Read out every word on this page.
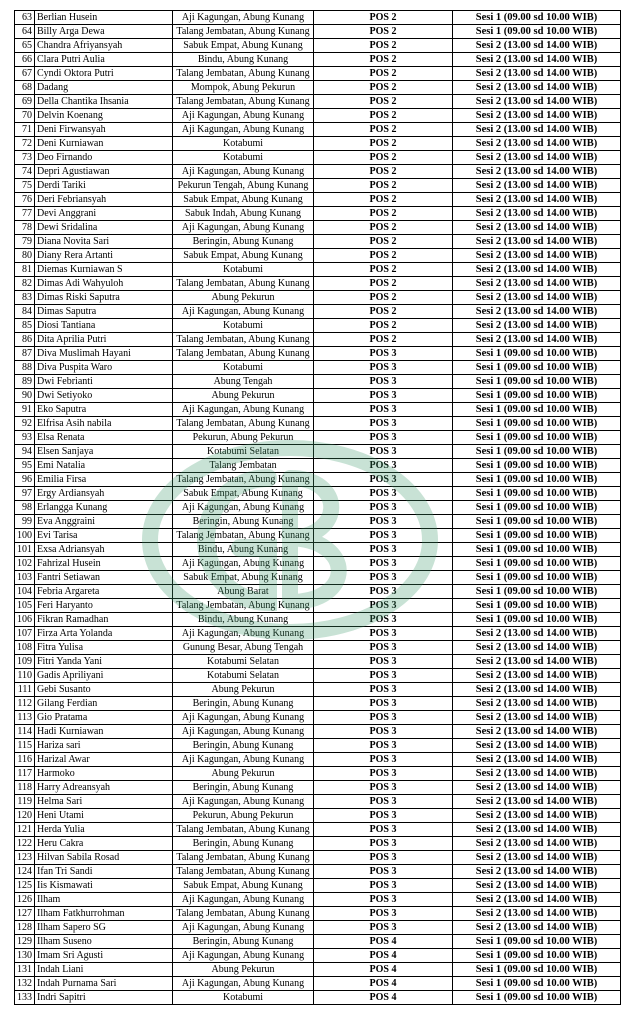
63	Berlian Husein	Aji Kagungan, Abung Kunang	POS 2	Sesi 1 (09.00 sd 10.00 WIB)
64	Billy Arga Dewa	Talang Jembatan, Abung Kunang	POS 2	Sesi 1 (09.00 sd 10.00 WIB)
65	Chandra Afriyansyah	Sabuk Empat, Abung Kunang	POS 2	Sesi 2 (13.00 sd 14.00 WIB)
66	Clara Putri Aulia	Bindu, Abung Kunang	POS 2	Sesi 2 (13.00 sd 14.00 WIB)
67	Cyndi Oktora Putri	Talang Jembatan, Abung Kunang	POS 2	Sesi 2 (13.00 sd 14.00 WIB)
68	Dadang	Mompok, Abung Pekurun	POS 2	Sesi 2 (13.00 sd 14.00 WIB)
69	Della Chantika Ihsania	Talang Jembatan, Abung Kunang	POS 2	Sesi 2 (13.00 sd 14.00 WIB)
70	Delvin Koenang	Aji Kagungan, Abung Kunang	POS 2	Sesi 2 (13.00 sd 14.00 WIB)
71	Deni Firwansyah	Aji Kagungan, Abung Kunang	POS 2	Sesi 2 (13.00 sd 14.00 WIB)
72	Deni Kurniawan	Kotabumi	POS 2	Sesi 2 (13.00 sd 14.00 WIB)
73	Deo Firnando	Kotabumi	POS 2	Sesi 2 (13.00 sd 14.00 WIB)
74	Depri Agustiawan	Aji Kagungan, Abung Kunang	POS 2	Sesi 2 (13.00 sd 14.00 WIB)
75	Derdi Tariki	Pekurun Tengah, Abung Kunang	POS 2	Sesi 2 (13.00 sd 14.00 WIB)
76	Deri Febriansyah	Sabuk Empat, Abung Kunang	POS 2	Sesi 2 (13.00 sd 14.00 WIB)
77	Devi Anggrani	Sabuk Indah, Abung Kunang	POS 2	Sesi 2 (13.00 sd 14.00 WIB)
78	Dewi Sridalina	Aji Kagungan, Abung Kunang	POS 2	Sesi 2 (13.00 sd 14.00 WIB)
79	Diana Novita Sari	Beringin, Abung Kunang	POS 2	Sesi 2 (13.00 sd 14.00 WIB)
80	Diany Rera Artanti	Sabuk Empat, Abung Kunang	POS 2	Sesi 2 (13.00 sd 14.00 WIB)
81	Diemas Kurniawan S	Kotabumi	POS 2	Sesi 2 (13.00 sd 14.00 WIB)
82	Dimas Adi Wahyuloh	Talang Jembatan, Abung Kunang	POS 2	Sesi 2 (13.00 sd 14.00 WIB)
83	Dimas Riski Saputra	Abung Pekurun	POS 2	Sesi 2 (13.00 sd 14.00 WIB)
84	Dimas Saputra	Aji Kagungan, Abung Kunang	POS 2	Sesi 2 (13.00 sd 14.00 WIB)
85	Diosi Tantiana	Kotabumi	POS 2	Sesi 2 (13.00 sd 14.00 WIB)
86	Dita Aprilia Putri	Talang Jembatan, Abung Kunang	POS 2	Sesi 2 (13.00 sd 14.00 WIB)
87	Diva Muslimah Hayani	Talang Jembatan, Abung Kunang	POS 3	Sesi 1 (09.00 sd 10.00 WIB)
88	Diva Puspita Waro	Kotabumi	POS 3	Sesi 1 (09.00 sd 10.00 WIB)
89	Dwi Febrianti	Abung Tengah	POS 3	Sesi 1 (09.00 sd 10.00 WIB)
90	Dwi Setiyoko	Abung Pekurun	POS 3	Sesi 1 (09.00 sd 10.00 WIB)
91	Eko Saputra	Aji Kagungan, Abung Kunang	POS 3	Sesi 1 (09.00 sd 10.00 WIB)
92	Elfrisa Asih nabila	Talang Jembatan, Abung Kunang	POS 3	Sesi 1 (09.00 sd 10.00 WIB)
93	Elsa Renata	Pekurun, Abung Pekurun	POS 3	Sesi 1 (09.00 sd 10.00 WIB)
94	Elsen Sanjaya	Kotabumi Selatan	POS 3	Sesi 1 (09.00 sd 10.00 WIB)
95	Emi Natalia	Talang Jembatan	POS 3	Sesi 1 (09.00 sd 10.00 WIB)
96	Emilia Firsa	Talang Jembatan, Abung Kunang	POS 3	Sesi 1 (09.00 sd 10.00 WIB)
97	Ergy Ardiansyah	Sabuk Empat, Abung Kunang	POS 3	Sesi 1 (09.00 sd 10.00 WIB)
98	Erlangga Kunang	Aji Kagungan, Abung Kunang	POS 3	Sesi 1 (09.00 sd 10.00 WIB)
99	Eva Anggraini	Beringin, Abung Kunang	POS 3	Sesi 1 (09.00 sd 10.00 WIB)
100	Evi Tarisa	Talang Jembatan, Abung Kunang	POS 3	Sesi 1 (09.00 sd 10.00 WIB)
101	Exsa Adriansyah	Bindu, Abung Kunang	POS 3	Sesi 1 (09.00 sd 10.00 WIB)
102	Fahrizal Husein	Aji Kagungan, Abung Kunang	POS 3	Sesi 1 (09.00 sd 10.00 WIB)
103	Fantri Setiawan	Sabuk Empat, Abung Kunang	POS 3	Sesi 1 (09.00 sd 10.00 WIB)
104	Febria Argareta	Abung Barat	POS 3	Sesi 1 (09.00 sd 10.00 WIB)
105	Feri Haryanto	Talang Jembatan, Abung Kunang	POS 3	Sesi 1 (09.00 sd 10.00 WIB)
106	Fikran Ramadhan	Bindu, Abung Kunang	POS 3	Sesi 1 (09.00 sd 10.00 WIB)
107	Firza Arta Yolanda	Aji Kagungan, Abung Kunang	POS 3	Sesi 2 (13.00 sd 14.00 WIB)
108	Fitra Yulisa	Gunung Besar, Abung Tengah	POS 3	Sesi 2 (13.00 sd 14.00 WIB)
109	Fitri Yanda Yani	Kotabumi Selatan	POS 3	Sesi 2 (13.00 sd 14.00 WIB)
110	Gadis Apriliyani	Kotabumi Selatan	POS 3	Sesi 2 (13.00 sd 14.00 WIB)
111	Gebi Susanto	Abung Pekurun	POS 3	Sesi 2 (13.00 sd 14.00 WIB)
112	Gilang Ferdian	Beringin, Abung Kunang	POS 3	Sesi 2 (13.00 sd 14.00 WIB)
113	Gio Pratama	Aji Kagungan, Abung Kunang	POS 3	Sesi 2 (13.00 sd 14.00 WIB)
114	Hadi Kurniawan	Aji Kagungan, Abung Kunang	POS 3	Sesi 2 (13.00 sd 14.00 WIB)
115	Hariza sari	Beringin, Abung Kunang	POS 3	Sesi 2 (13.00 sd 14.00 WIB)
116	Harizal Awar	Aji Kagungan, Abung Kunang	POS 3	Sesi 2 (13.00 sd 14.00 WIB)
117	Harmoko	Abung Pekurun	POS 3	Sesi 2 (13.00 sd 14.00 WIB)
118	Harry Adreansyah	Beringin, Abung Kunang	POS 3	Sesi 2 (13.00 sd 14.00 WIB)
119	Helma Sari	Aji Kagungan, Abung Kunang	POS 3	Sesi 2 (13.00 sd 14.00 WIB)
120	Heni Utami	Pekurun, Abung Pekurun	POS 3	Sesi 2 (13.00 sd 14.00 WIB)
121	Herda Yulia	Talang Jembatan, Abung Kunang	POS 3	Sesi 2 (13.00 sd 14.00 WIB)
122	Heru Cakra	Beringin, Abung Kunang	POS 3	Sesi 2 (13.00 sd 14.00 WIB)
123	Hilvan Sabila Rosad	Talang Jembatan, Abung Kunang	POS 3	Sesi 2 (13.00 sd 14.00 WIB)
124	Ifan Tri Sandi	Talang Jembatan, Abung Kunang	POS 3	Sesi 2 (13.00 sd 14.00 WIB)
125	Iis Kismawati	Sabuk Empat, Abung Kunang	POS 3	Sesi 2 (13.00 sd 14.00 WIB)
126	Ilham	Aji Kagungan, Abung Kunang	POS 3	Sesi 2 (13.00 sd 14.00 WIB)
127	Ilham Fatkhurrohman	Talang Jembatan, Abung Kunang	POS 3	Sesi 2 (13.00 sd 14.00 WIB)
128	Ilham Sapero SG	Aji Kagungan, Abung Kunang	POS 3	Sesi 2 (13.00 sd 14.00 WIB)
129	Ilham Suseno	Beringin, Abung Kunang	POS 4	Sesi 1 (09.00 sd 10.00 WIB)
130	Imam Sri Agusti	Aji Kagungan, Abung Kunang	POS 4	Sesi 1 (09.00 sd 10.00 WIB)
131	Indah Liani	Abung Pekurun	POS 4	Sesi 1 (09.00 sd 10.00 WIB)
132	Indah Purnama Sari	Aji Kagungan, Abung Kunang	POS 4	Sesi 1 (09.00 sd 10.00 WIB)
133	Indri Sapitri	Kotabumi	POS 4	Sesi 1 (09.00 sd 10.00 WIB)
